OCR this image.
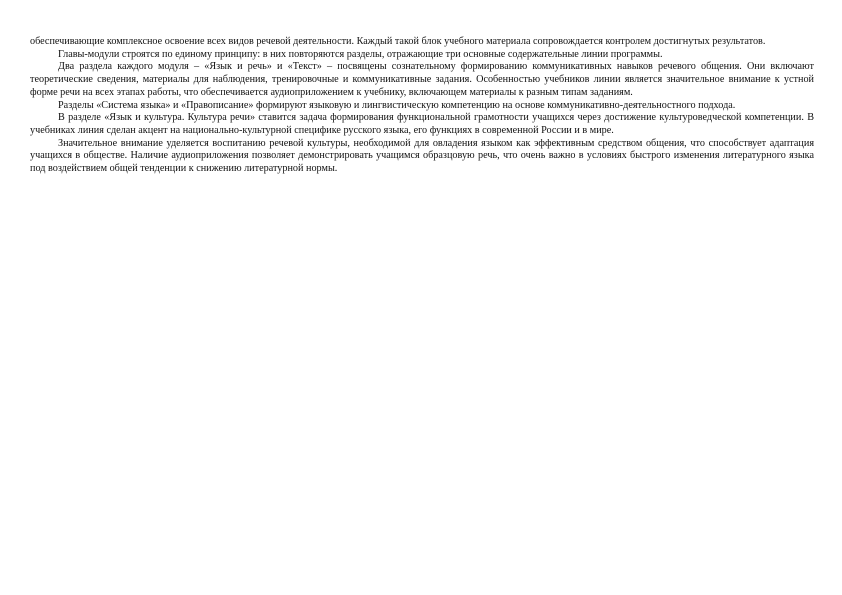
обеспечивающие комплексное освоение всех видов речевой деятельности. Каждый такой блок учебного материала сопровождается контролем достигнутых результатов.

Главы-модули строятся по единому принципу: в них повторяются разделы, отражающие три основные содержательные линии программы.

Два раздела каждого модуля – «Язык и речь» и «Текст» – посвящены сознательному формированию коммуникативных навыков речевого общения. Они включают теоретические сведения, материалы для наблюдения, тренировочные и коммуникативные задания. Особенностью учебников линии является значительное внимание к устной форме речи на всех этапах работы, что обеспечивается аудиоприложением к учебнику, включающем материалы к разным типам заданиям.

Разделы «Система языка» и «Правописание» формируют языковую и лингвистическую компетенцию на основе коммуникативно-деятельностного подхода.

В разделе «Язык и культура. Культура речи» ставится задача формирования функциональной грамотности учащихся через достижение культуроведческой компетенции. В учебниках линия сделан акцент на национально-культурной специфике русского языка, его функциях в современной России и в мире.

Значительное внимание уделяется воспитанию речевой культуры, необходимой для овладения языком как эффективным средством общения, что способствует адаптация учащихся в обществе. Наличие аудиоприложения позволяет демонстрировать учащимся образцовую речь, что очень важно в условиях быстрого изменения литературного языка под воздействием общей тенденции к снижению литературной нормы.
